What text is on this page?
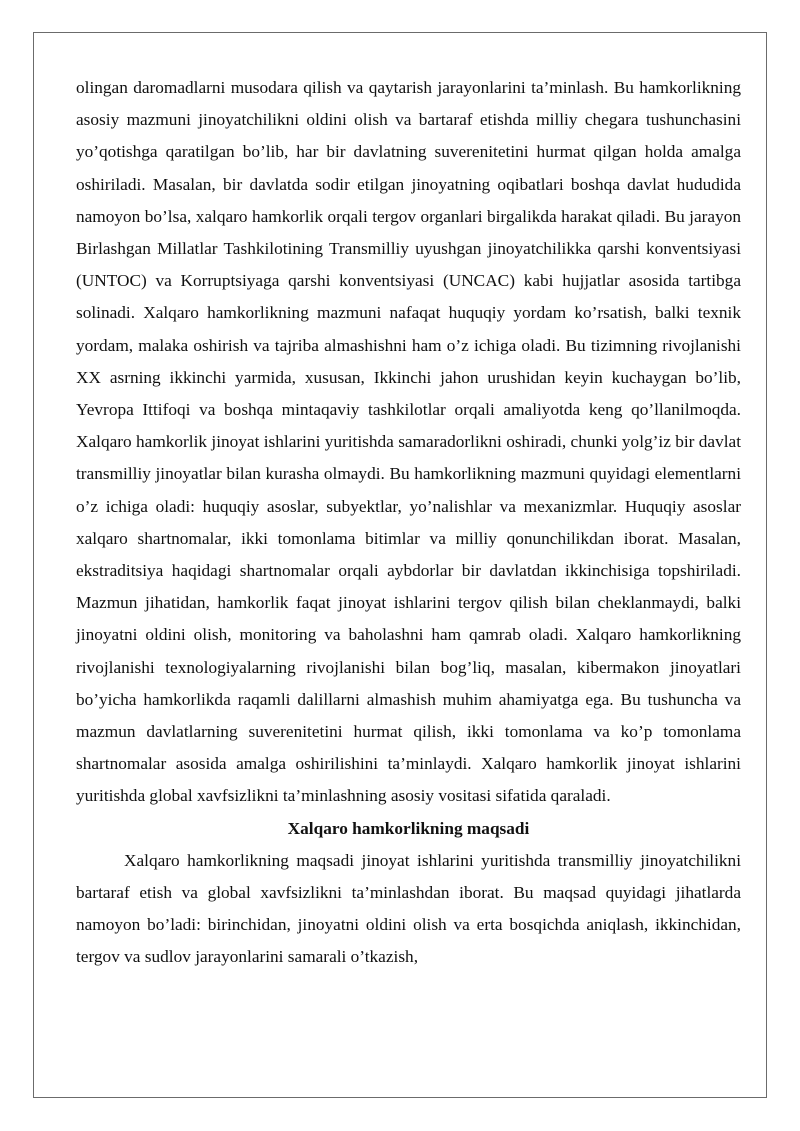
olingan daromadlarni musodara qilish va qaytarish jarayonlarini ta’minlash. Bu hamkorlikning asosiy mazmuni jinoyatchilikni oldini olish va bartaraf etishda milliy chegara tushunchasini yo’qotishga qaratilgan bo’lib, har bir davlatning suverenitetini hurmat qilgan holda amalga oshiriladi. Masalan, bir davlatda sodir etilgan jinoyatning oqibatlari boshqa davlat hududida namoyon bo’lsa, xalqaro hamkorlik orqali tergov organlari birgalikda harakat qiladi. Bu jarayon Birlashgan Millatlar Tashkilotining Transmilliy uyushgan jinoyatchilikka qarshi konventsiyasi (UNTOC) va Korruptsiyaga qarshi konventsiyasi (UNCAC) kabi hujjatlar asosida tartibga solinadi. Xalqaro hamkorlikning mazmuni nafaqat huquqiy yordam ko’rsatish, balki texnik yordam, malaka oshirish va tajriba almashishni ham o’z ichiga oladi. Bu tizimning rivojlanishi XX asrning ikkinchi yarmida, xususan, Ikkinchi jahon urushidan keyin kuchaygan bo’lib, Yevropa Ittifoqi va boshqa mintaqaviy tashkilotlar orqali amaliyotda keng qo’llanilmoqda. Xalqaro hamkorlik jinoyat ishlarini yuritishda samaradorlikni oshiradi, chunki yolg’iz bir davlat transmilliy jinoyatlar bilan kurasha olmaydi. Bu hamkorlikning mazmuni quyidagi elementlarni o’z ichiga oladi: huquqiy asoslar, subyektlar, yo’nalishlar va mexanizmlar. Huquqiy asoslar xalqaro shartnomalar, ikki tomonlama bitimlar va milliy qonunchilikdan iborat. Masalan, ekstraditsiya haqidagi shartnomalar orqali aybdorlar bir davlatdan ikkinchisiga topshiriladi. Mazmun jihatidan, hamkorlik faqat jinoyat ishlarini tergov qilish bilan cheklanmaydi, balki jinoyatni oldini olish, monitoring va baholashni ham qamrab oladi. Xalqaro hamkorlikning rivojlanishi texnologiyalarning rivojlanishi bilan bog’liq, masalan, kibermakon jinoyatlari bo’yicha hamkorlikda raqamli dalillarni almashish muhim ahamiyatga ega. Bu tushuncha va mazmun davlatlarning suverenitetini hurmat qilish, ikki tomonlama va ko’p tomonlama shartnomalar asosida amalga oshirilishini ta’minlaydi. Xalqaro hamkorlik jinoyat ishlarini yuritishda global xavfsizlikni ta’minlashning asosiy vositasi sifatida qaraladi.

Xalqaro hamkorlikning maqsadi

Xalqaro hamkorlikning maqsadi jinoyat ishlarini yuritishda transmilliy jinoyatchilikni bartaraf etish va global xavfsizlikni ta’minlashdan iborat. Bu maqsad quyidagi jihatlarda namoyon bo’ladi: birinchidan, jinoyatni oldini olish va erta bosqichda aniqlash, ikkinchidan, tergov va sudlov jarayonlarini samarali o’tkazish,
